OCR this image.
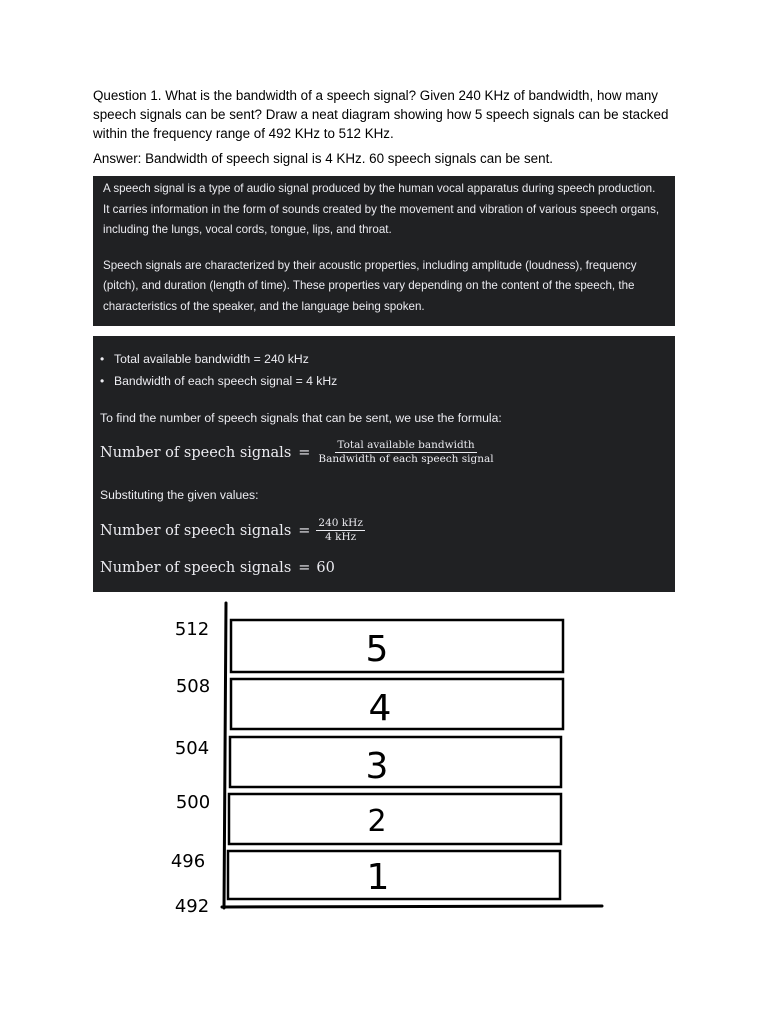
Question 1. What is the bandwidth of a speech signal? Given 240 KHz of bandwidth, how many speech signals can be sent? Draw a neat diagram showing how 5 speech signals can be stacked within the frequency range of 492 KHz to 512 KHz.
Answer: Bandwidth of speech signal is 4 KHz. 60 speech signals can be sent.

A speech signal is a type of audio signal produced by the human vocal apparatus during speech production. It carries information in the form of sounds created by the movement and vibration of various speech organs, including the lungs, vocal cords, tongue, lips, and throat.

Speech signals are characterized by their acoustic properties, including amplitude (loudness), frequency (pitch), and duration (length of time). These properties vary depending on the content of the speech, the characteristics of the speaker, and the language being spoken.

• Total available bandwidth = 240 kHz
• Bandwidth of each speech signal = 4 kHz
To find the number of speech signals that can be sent, we use the formula:
Number of speech signals = $\frac{\text{Total available bandwidth}}{\text{Bandwidth of each speech signal}}$
Substituting the given values:
Number of speech signals = $\frac{\text{240 kHz}}{\text{4 kHz}}$
Number of speech signals = 60
5
4
3
2
1
512
508
504
500
496
492
